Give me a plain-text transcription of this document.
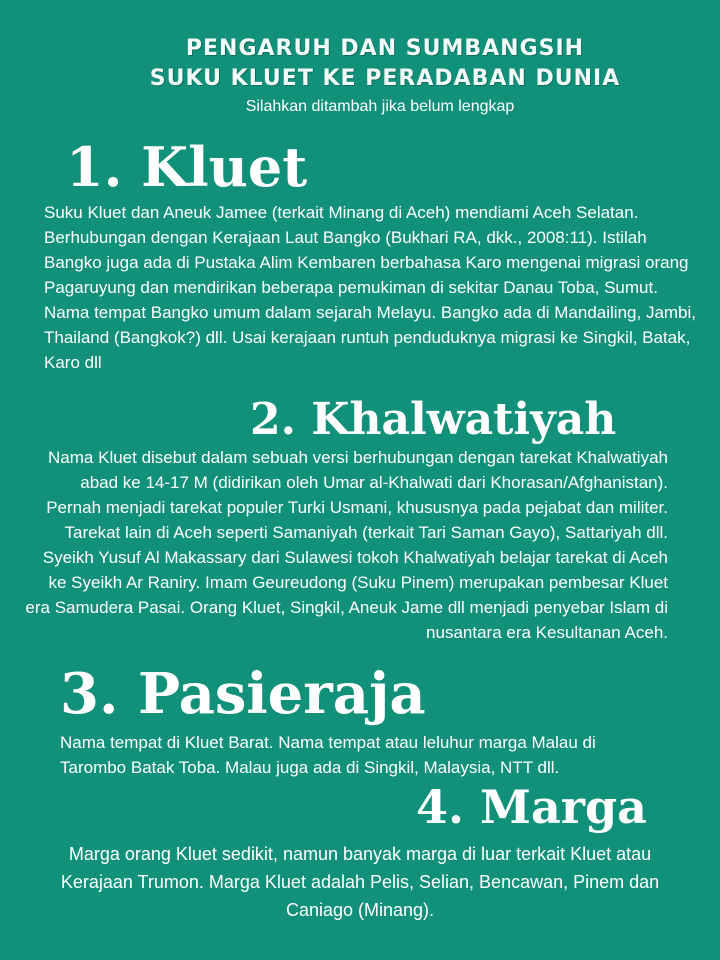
PENGARUH DAN SUMBANGSIH
SUKU KLUET KE PERADABAN DUNIA
Silahkan ditambah jika belum lengkap
1. Kluet
Suku Kluet dan Aneuk Jamee (terkait Minang di Aceh) mendiami Aceh Selatan. Berhubungan dengan Kerajaan Laut Bangko (Bukhari RA, dkk., 2008:11). Istilah Bangko juga ada di Pustaka Alim Kembaren berbahasa Karo mengenai migrasi orang Pagaruyung dan mendirikan beberapa pemukiman di sekitar Danau Toba, Sumut. Nama tempat Bangko umum dalam sejarah Melayu. Bangko ada di Mandailing, Jambi, Thailand (Bangkok?) dll. Usai kerajaan runtuh penduduknya migrasi ke Singkil, Batak, Karo dll
2. Khalwatiyah
Nama Kluet disebut dalam sebuah versi berhubungan dengan tarekat Khalwatiyah abad ke 14-17 M (didirikan oleh Umar al-Khalwati dari Khorasan/Afghanistan). Pernah menjadi tarekat populer Turki Usmani, khususnya pada pejabat dan militer. Tarekat lain di Aceh seperti Samaniyah (terkait Tari Saman Gayo), Sattariyah dll. Syeikh Yusuf Al Makassary dari Sulawesi tokoh Khalwatiyah belajar tarekat di Aceh ke Syeikh Ar Raniry. Imam Geureudong (Suku Pinem) merupakan pembesar Kluet era Samudera Pasai. Orang Kluet, Singkil, Aneuk Jame dll menjadi penyebar Islam di nusantara era Kesultanan Aceh.
3. Pasieraja
Nama tempat di Kluet Barat. Nama tempat atau leluhur marga Malau di Tarombo Batak Toba. Malau juga ada di Singkil, Malaysia, NTT dll.
4. Marga
Marga orang Kluet sedikit, namun banyak marga di luar terkait Kluet atau Kerajaan Trumon. Marga Kluet adalah Pelis, Selian, Bencawan, Pinem dan Caniago (Minang).
